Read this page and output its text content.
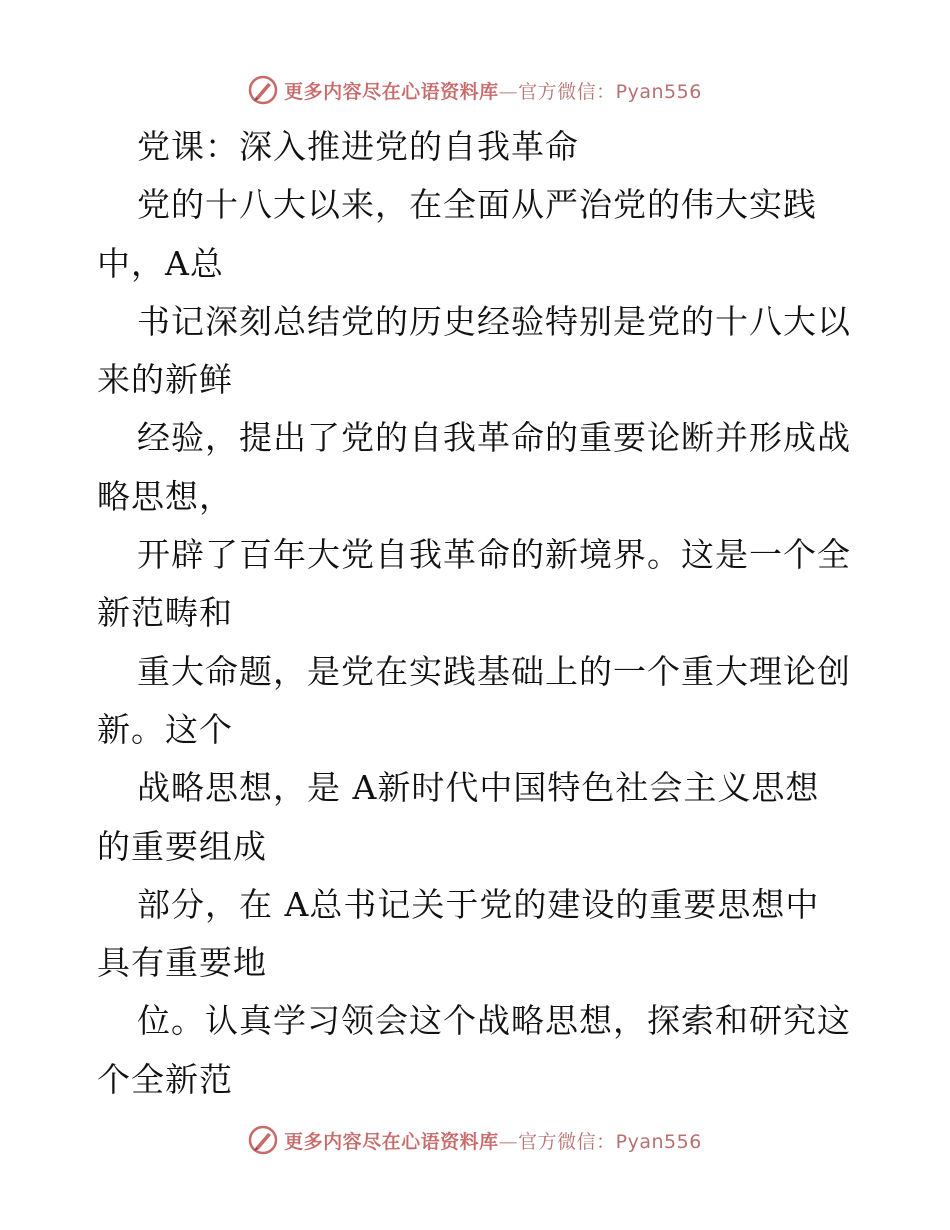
更多内容尽在心语资料库—官方微信：Pyan556
党课：深入推进党的自我革命
党的十八大以来，在全面从严治党的伟大实践
中，A总
书记深刻总结党的历史经验特别是党的十八大以
来的新鲜
经验，提出了党的自我革命的重要论断并形成战
略思想，
开辟了百年大党自我革命的新境界。这是一个全
新范畴和
重大命题，是党在实践基础上的一个重大理论创
新。这个
战略思想，是 A新时代中国特色社会主义思想
的重要组成
部分，在 A总书记关于党的建设的重要思想中
具有重要地
位。认真学习领会这个战略思想，探索和研究这
个全新范
更多内容尽在心语资料库—官方微信：Pyan556
